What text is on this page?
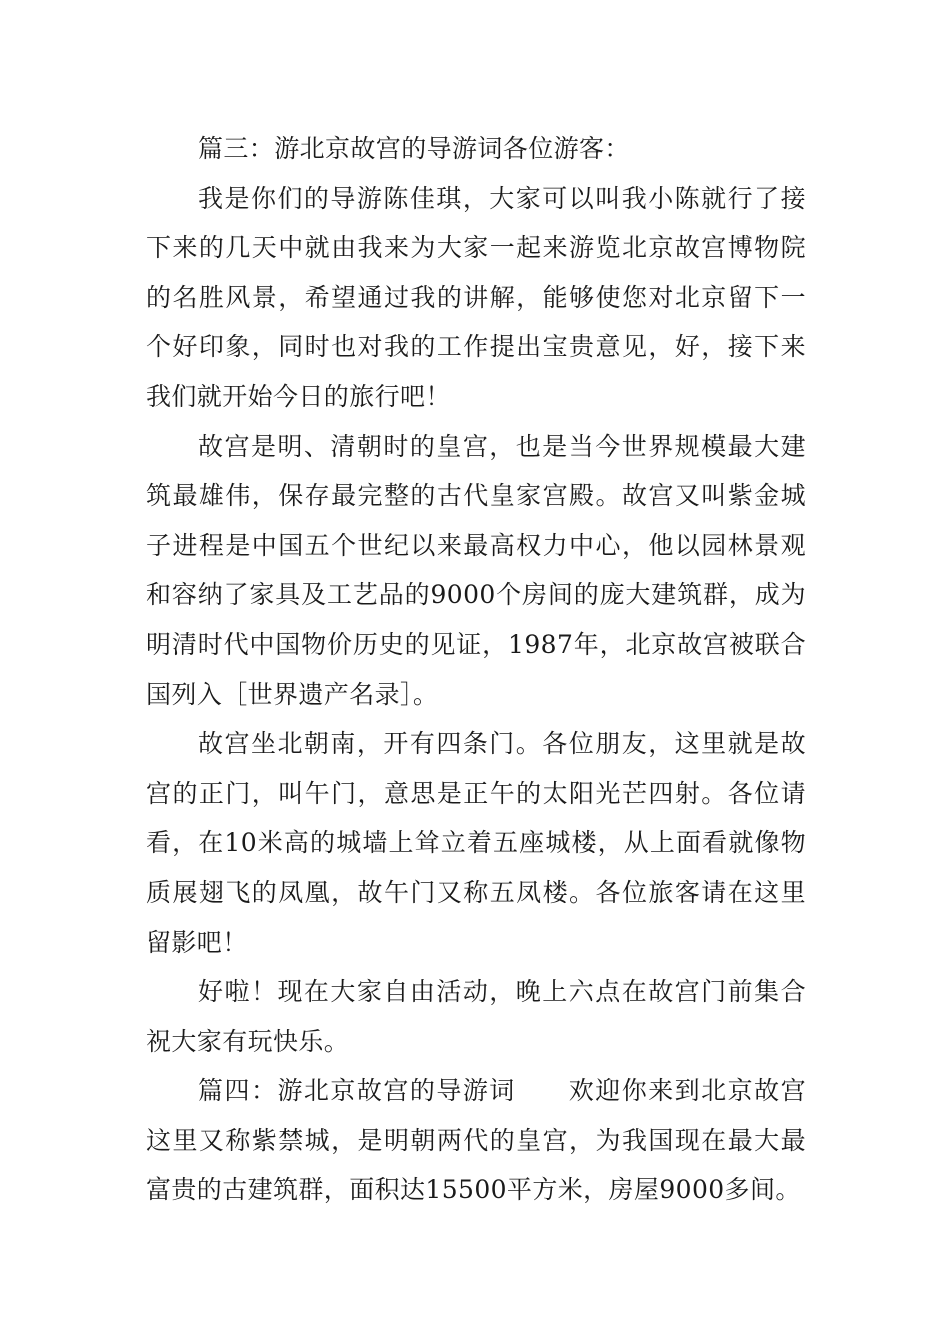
篇三：游北京故宫的导游词各位游客：

我是你们的导游陈佳琪，大家可以叫我小陈就行了接下来的几天中就由我来为大家一起来游览北京故宫博物院的名胜风景，希望通过我的讲解，能够使您对北京留下一个好印象，同时也对我的工作提出宝贵意见，好，接下来我们就开始今日的旅行吧！

故宫是明、清朝时的皇宫，也是当今世界规模最大建筑最雄伟，保存最完整的古代皇家宫殿。故宫又叫紫金城子进程是中国五个世纪以来最高权力中心，他以园林景观和容纳了家具及工艺品的9000个房间的庞大建筑群，成为明清时代中国物价历史的见证，1987年，北京故宫被联合国列入［世界遗产名录］。

故宫坐北朝南，开有四条门。各位朋友，这里就是故宫的正门，叫午门，意思是正午的太阳光芒四射。各位请看，在10米高的城墙上耸立着五座城楼，从上面看就像物质展翅飞的凤凰，故午门又称五凤楼。各位旅客请在这里留影吧！

好啦！现在大家自由活动，晚上六点在故宫门前集合祝大家有玩快乐。

篇四：游北京故宫的导游词　　欢迎你来到北京故宫这里又称紫禁城，是明朝两代的皇宫，为我国现在最大最富贵的古建筑群，面积达15500平方米，房屋9000多间。
